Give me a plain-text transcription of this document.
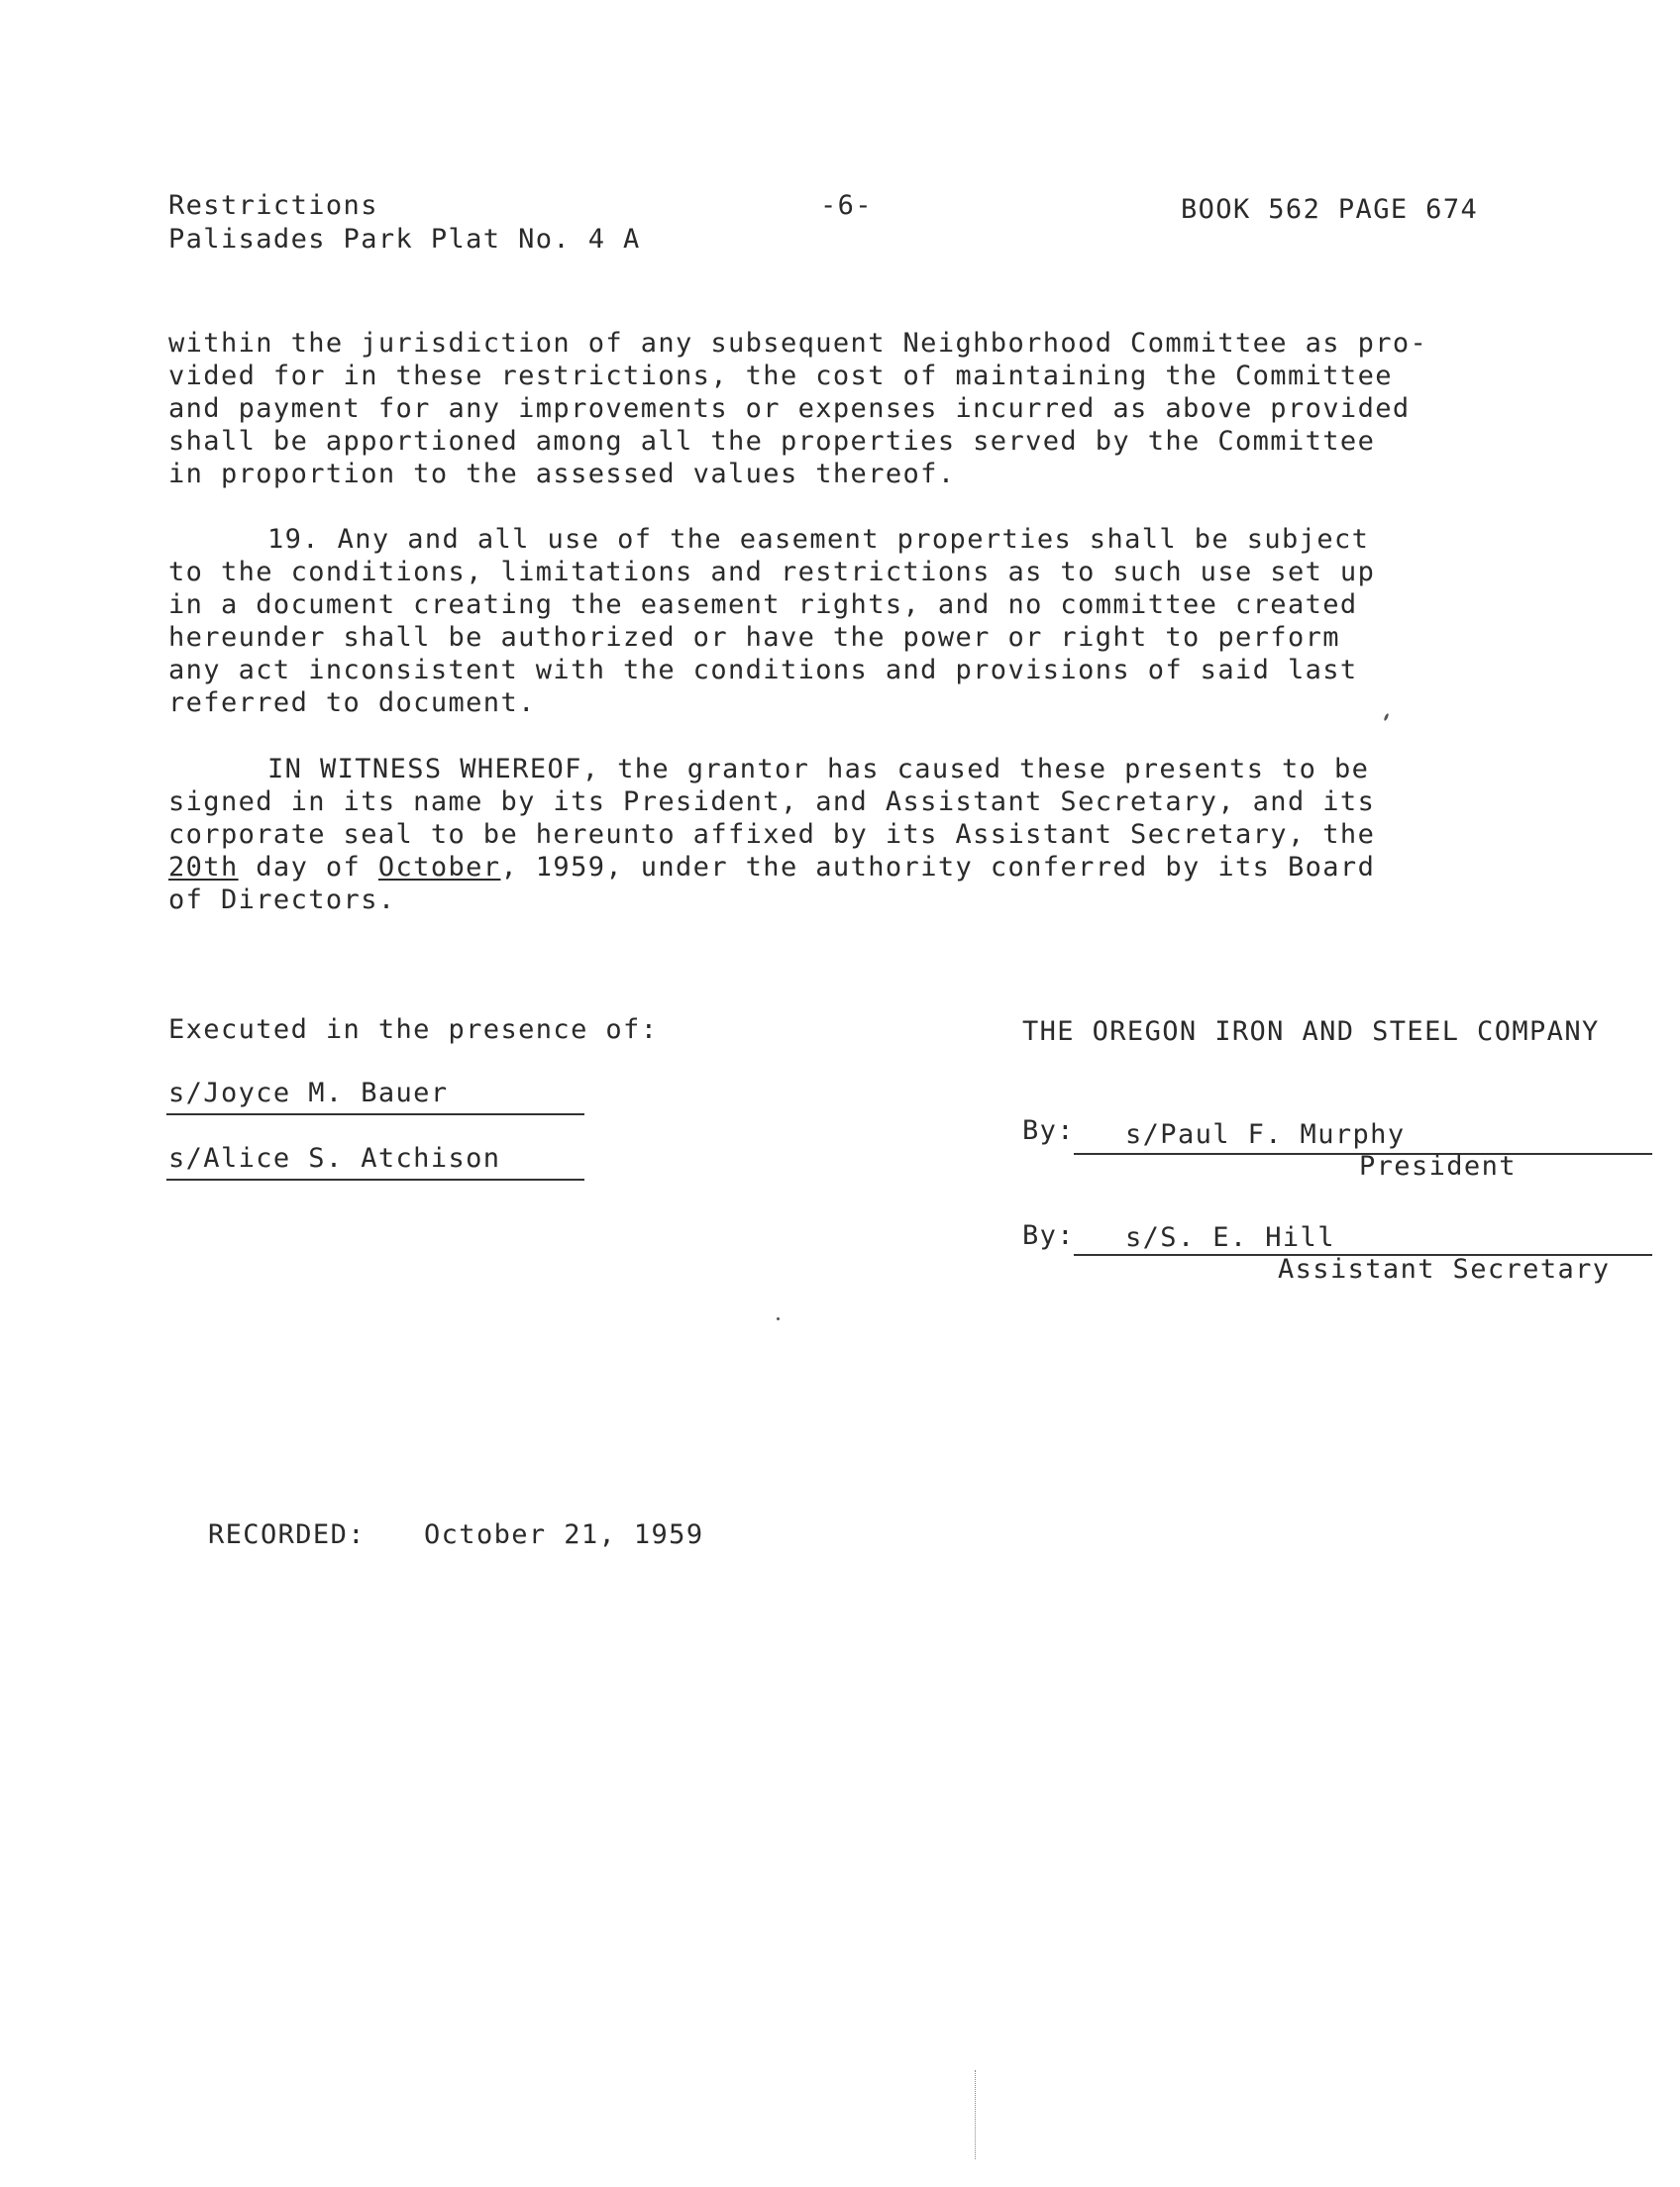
Restrictions
Palisades Park Plat No. 4 A
-6-	BOOK 562 PAGE 674
within the jurisdiction of any subsequent Neighborhood Committee as pro-
vided for in these restrictions, the cost of maintaining the Committee
and payment for any improvements or expenses incurred as above provided
shall be apportioned among all the properties served by the Committee
in proportion to the assessed values thereof.
19. Any and all use of the easement properties shall be subject
to the conditions, limitations and restrictions as to such use set up
in a document creating the easement rights, and no committee created
hereunder shall be authorized or have the power or right to perform
any act inconsistent with the conditions and provisions of said last
referred to document.
IN WITNESS WHEREOF, the grantor has caused these presents to be
signed in its name by its President, and Assistant Secretary, and its
corporate seal to be hereunto affixed by its Assistant Secretary, the
20th day of October, 1959, under the authority conferred by its Board
of Directors.
Executed in the presence of:
s/Joyce M. Bauer
s/Alice S. Atchison
THE OREGON IRON AND STEEL COMPANY
By: s/Paul F. Murphy
President
By: s/S. E. Hill
Assistant Secretary
RECORDED: October 21, 1959
